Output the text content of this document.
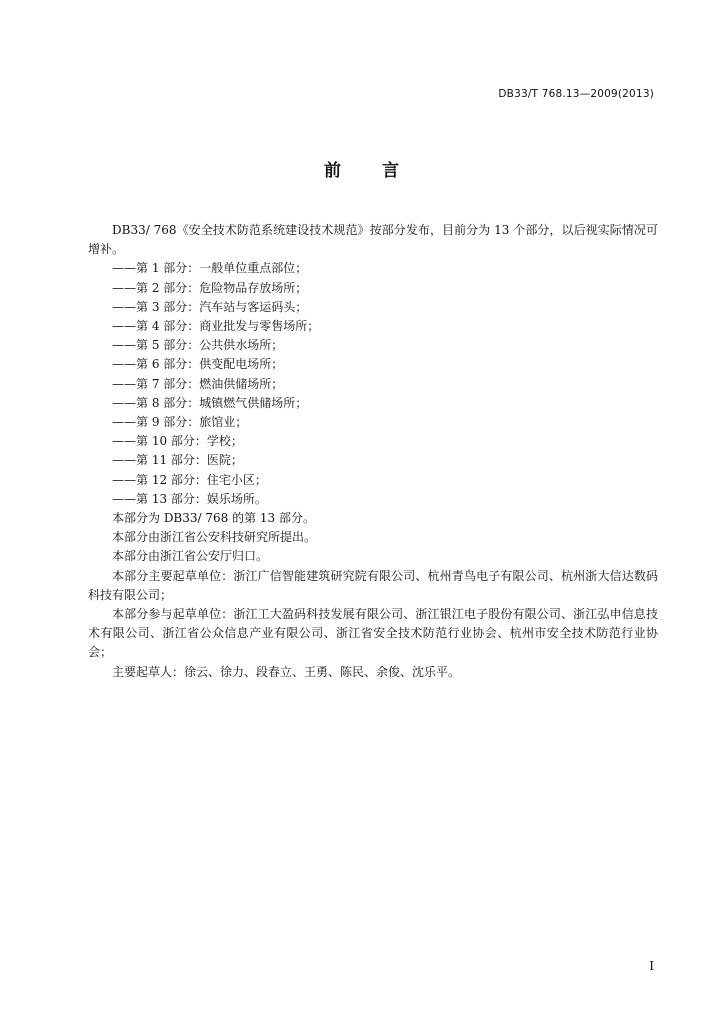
DB33/T 768.13—2009(2013)
前 言

DB33/ 768《安全技术防范系统建设技术规范》按部分发布，目前分为 13 个部分，以后视实际情况可增补。

——第 1 部分：一般单位重点部位；

——第 2 部分：危险物品存放场所；

——第 3 部分：汽车站与客运码头；

——第 4 部分：商业批发与零售场所；

——第 5 部分：公共供水场所；

——第 6 部分：供变配电场所；

——第 7 部分：燃油供储场所；

——第 8 部分：城镇燃气供储场所；

——第 9 部分：旅馆业；

——第 10 部分：学校；

——第 11 部分：医院；

——第 12 部分：住宅小区；

——第 13 部分：娱乐场所。

本部分为 DB33/ 768 的第 13 部分。

本部分由浙江省公安科技研究所提出。

本部分由浙江省公安厅归口。

本部分主要起草单位：浙江广信智能建筑研究院有限公司、杭州青鸟电子有限公司、杭州浙大信达数码科技有限公司；

本部分参与起草单位：浙江工大盈码科技发展有限公司、浙江银江电子股份有限公司、浙江弘申信息技术有限公司、浙江省公众信息产业有限公司、浙江省安全技术防范行业协会、杭州市安全技术防范行业协会；

主要起草人：徐云、徐力、段春立、王勇、陈民、余俊、沈乐平。

I
